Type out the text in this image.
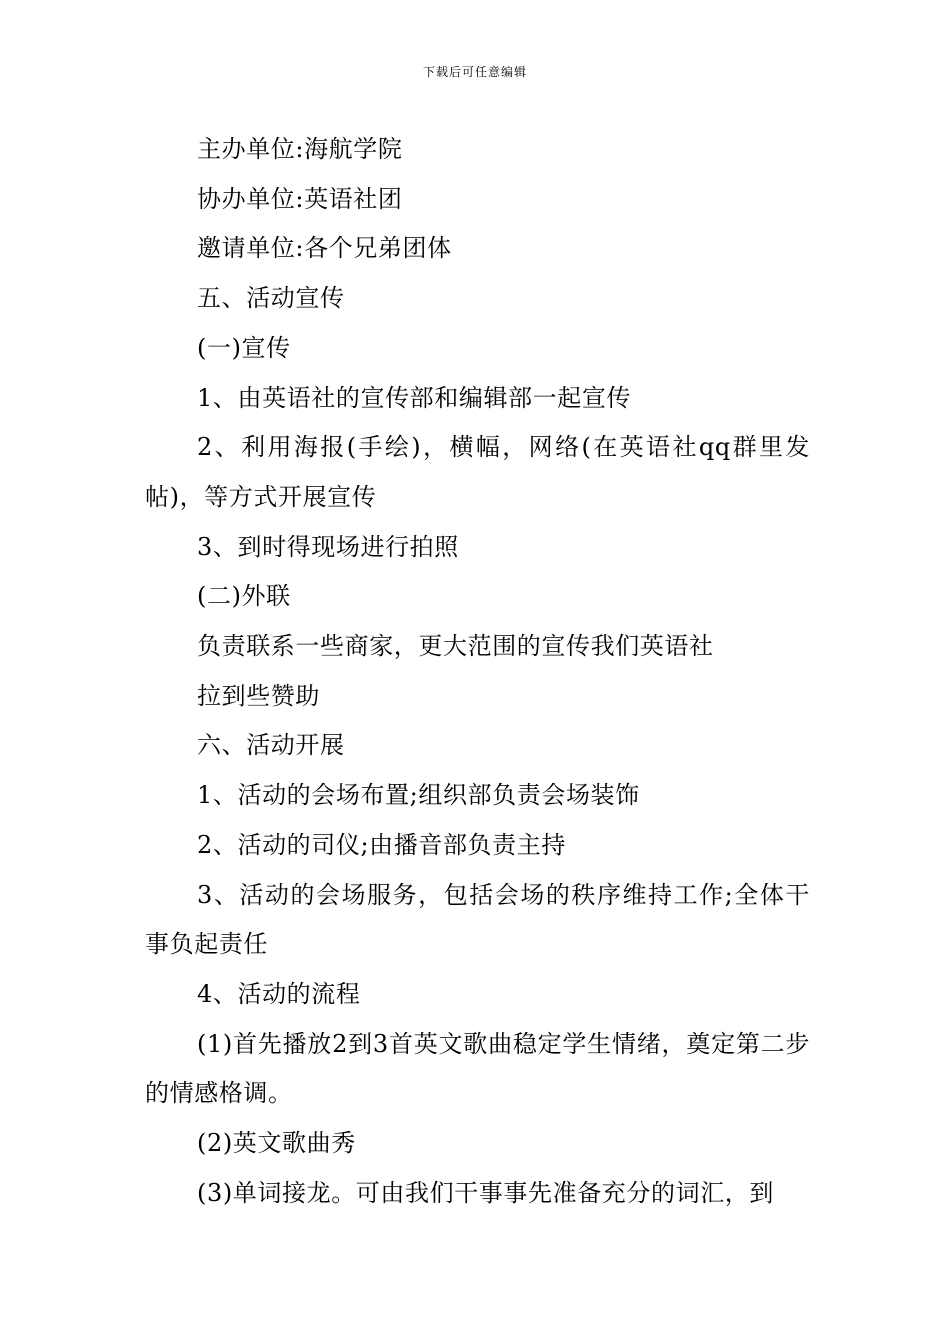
下载后可任意编辑

主办单位:海航学院

协办单位:英语社团

邀请单位:各个兄弟团体

五、活动宣传

(一)宣传

1、由英语社的宣传部和编辑部一起宣传

2、利用海报(手绘)，横幅，网络(在英语社qq群里发帖)，等方式开展宣传

3、到时得现场进行拍照

(二)外联

负责联系一些商家，更大范围的宣传我们英语社

拉到些赞助

六、活动开展

1、活动的会场布置;组织部负责会场装饰

2、活动的司仪;由播音部负责主持

3、活动的会场服务，包括会场的秩序维持工作;全体干事负起责任

4、活动的流程

(1)首先播放2到3首英文歌曲稳定学生情绪，奠定第二步的情感格调。

(2)英文歌曲秀

(3)单词接龙。可由我们干事事先准备充分的词汇，到
